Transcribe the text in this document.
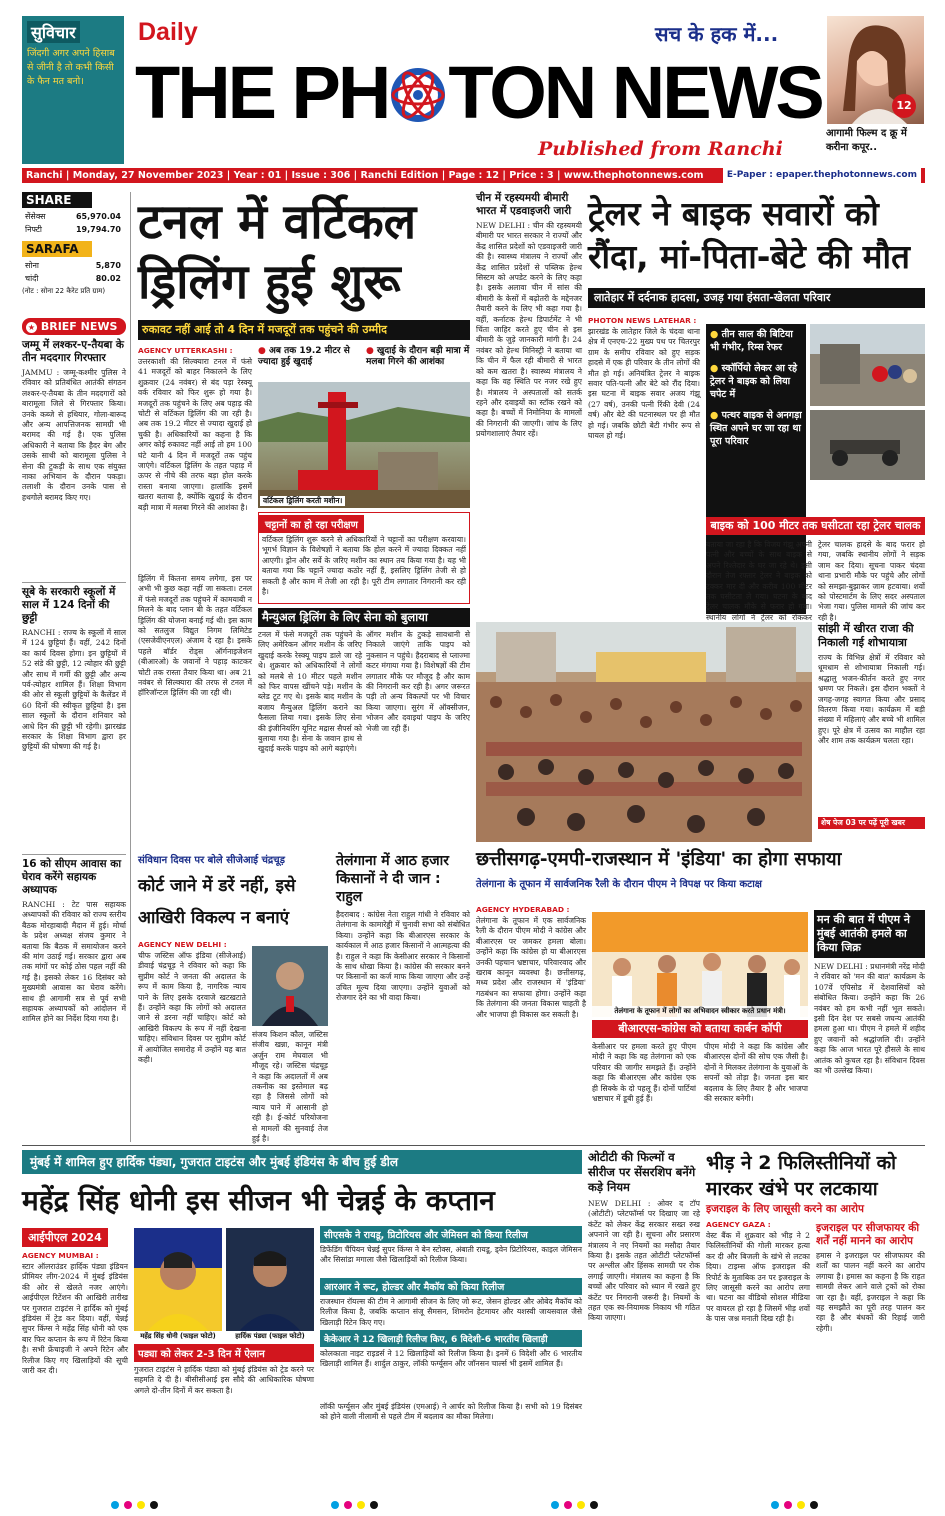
सुविचार
जिंदगी अगर अपने हिसाब से जीनी है तो कभी किसी के फैन मत बनो।
Daily	सच के हक में...
THE PH TON NEWS
Published from Ranchi
12
आगामी फिल्म द क्रू में करीना कपूर..
Ranchi | Monday, 27 November 2023 | Year : 01 | Issue : 306 | Ranchi Edition | Page : 12 | Price : 3 | www.thephotonnews.com	E-Paper : epaper.thephotonnews.com
SHARE
सेंसेक्स	65,970.04
निफ्टी	19,794.70
SARAFA
सोना	5,870
चांदी	80.02
(नोट : सोना 22 कैरेट प्रति ग्राम)
★ BRIEF NEWS
जम्मू में लश्कर-ए-तैयबा के तीन मददगार गिरफ्तार
JAMMU : जम्मू-कश्मीर पुलिस ने रविवार को प्रतिबंधित आतंकी संगठन लश्कर-ए-तैयबा के तीन मददगारों को बारामूला जिले से गिरफ्तार किया। उनके कब्जे से हथियार, गोला-बारूद और अन्य आपत्तिजनक सामग्री भी बरामद की गई है। एक पुलिस अधिकारी ने बताया कि हैदर बेग और उसके साथी को बारामूला पुलिस ने सेना की टुकड़ी के साथ एक संयुक्त नाका अभियान के दौरान पकड़ा। तलाशी के दौरान उनके पास से हथगोले बरामद किए गए।
सूबे के सरकारी स्कूलों में साल में 124 दिनों की छुट्टी
RANCHI : राज्य के स्कूलों में साल में 124 छुट्टियां हैं। वहीं, 242 दिनों का कार्य दिवस होगा। इन छुट्टियों में 52 संडे की छुट्टी, 12 त्योहार की छुट्टी और साथ में गर्मी की छुट्टी और अन्य पर्व-त्योहार शामिल हैं। शिक्षा विभाग की ओर से स्कूली छुट्टियों के कैलेंडर में 60 दिनों की स्वीकृत छुट्टियां है। इस साल स्कूलों के दौरान शनिवार को आधे दिन की छुट्टी भी रहेगी। झारखंड सरकार के शिक्षा विभाग द्वारा हर छुट्टियों की घोषणा की गई है।
16 को सीएम आवास का घेराव करेंगे सहायक अध्यापक
RANCHI : टेट पास सहायक अध्यापकों की रविवार को राज्य स्तरीय बैठक मोरहाबादी मैदान में हुई। मोर्चा के प्रदेश अध्यक्ष संजय कुमार ने बताया कि बैठक में समायोजन करने की मांग उठाई गई। सरकार द्वारा अब तक मांगों पर कोई ठोस पहल नहीं की गई है। इसको लेकर 16 दिसंबर को मुख्यमंत्री आवास का घेराव करेंगे। साथ ही आगामी सत्र से पूर्व सभी सहायक अध्यापकों को आंदोलन में शामिल होने का निर्देश दिया गया है।
टनल में वर्टिकल
ड्रिलिंग हुई शुरू
रुकावट नहीं आई तो 4 दिन में मजदूरों तक पहुंचने की उम्मीद
AGENCY UTTERKASHI :
उत्तरकाशी की सिल्क्यारा टनल में फंसे 41 मजदूरों को बाहर निकालने के लिए शुक्रवार (24 नवंबर) से बंद पड़ा रेस्क्यू वर्क रविवार को फिर शुरू हो गया है। मजदूरों तक पहुंचने के लिए अब पहाड़ की चोटी से वर्टिकल ड्रिलिंग की जा रही है। अब तक 19.2 मीटर से ज्यादा खुदाई हो चुकी है। अधिकारियों का कहना है कि अगर कोई रुकावट नहीं आई तो हम 100 घंटे यानी 4 दिन में मजदूरों तक पहुंच जाएंगे। वर्टिकल ड्रिलिंग के तहत पहाड़ में ऊपर से नीचे की तरफ बड़ा होल करके रास्ता बनाया जाएगा। हालांकि इसमें खतरा बताया है, क्योंकि खुदाई के दौरान बड़ी मात्रा में मलबा गिरने की आशंका है।
ड्रिलिंग में कितना समय लगेगा, इस पर अभी भी कुछ कहा नहीं जा सकता। टनल में फंसे मजदूरों तक पहुंचने में कामयाबी न मिलने के बाद प्लान बी के तहत वर्टिकल ड्रिलिंग की योजना बनाई गई थी। इस काम को सतलुज विद्युत निगम लिमिटेड (एसजेवीएनएल) अंजाम दे रहा है। इसके पहले बॉर्डर रोड्स ऑर्गनाइजेशन (बीआरओ) के जवानों ने पहाड़ काटकर चोटी तक रास्ता तैयार किया था। अब 21 नवंबर से सिल्क्यारा की तरफ से टनल में हॉरिजॉन्टल ड्रिलिंग की जा रही थी।
● अब तक 19.2 मीटर से ज्यादा हुई खुदाई
● खुदाई के दौरान बड़ी मात्रा में मलबा गिरने की आशंका
वर्टिकल ड्रिलिंग करती मशीन।
चट्टानों का हो रहा परीक्षण
वर्टिकल ड्रिलिंग शुरू करने से अधिकारियों ने चट्टानों का परीक्षण करवाया। भूगर्भ विज्ञान के विशेषज्ञों ने बताया कि होल करने में ज्यादा दिक्कत नहीं आएगी। ड्रोन और सर्वे के जरिए मशीन का स्थान तय किया गया है। यह भी बताया गया कि चट्टानें ज्यादा कठोर नहीं हैं, इसलिए ड्रिलिंग तेजी से हो सकती है और काम में तेजी आ रही है। पूरी टीम लगातार निगरानी कर रही है।
मैन्युअल ड्रिलिंग के लिए सेना को बुलाया
टनल में फंसे मजदूरों तक पहुंचने के लिए अमेरिकन ऑगर मशीन के जरिए खुदाई करके रेस्क्यू पाइप डाले जा रहे थे। शुक्रवार को अधिकारियों ने लोगों को मलबे से 10 मीटर पहले मशीन को फिर वापस खींचने पड़े। मशीन के ब्लेड टूट गए थे। इसके बाद मशीन के बजाय मैन्युअल ड्रिलिंग कराने का फैसला लिया गया। इसके लिए सेना की इंजीनियरिंग यूनिट मद्रास सैपर्स को बुलाया गया है। सेना के जवान हाथ से खुदाई करके पाइप को आगे बढ़ाएंगे।
ऑगर मशीन के टुकड़े सावधानी से निकाले जाएंगे ताकि पाइप को नुकसान न पहुंचे। हैदराबाद से प्लाज्मा कटर मंगाया गया है। विशेषज्ञों की टीम लगातार मौके पर मौजूद है और काम की निगरानी कर रही है। अगर जरूरत पड़ी तो अन्य विकल्पों पर भी विचार किया जाएगा। सुरंग में ऑक्सीजन, भोजन और दवाइयां पाइप के जरिए भेजी जा रही हैं।
चीन में रहस्यमयी बीमारी भारत में एडवाइजरी जारी
NEW DELHI : चीन की रहस्यमयी बीमारी पर भारत सरकार ने राज्यों और केंद्र शासित प्रदेशों को एडवाइजरी जारी की है। स्वास्थ्य मंत्रालय ने राज्यों और केंद्र शासित प्रदेशों से पब्लिक हेल्थ सिस्टम को अपडेट करने के लिए कहा है। इसके अलावा चीन में सांस की बीमारी के केसों में बढ़ोतरी के मद्देनजर तैयारी करने के लिए भी कहा गया है। वहीं, कर्नाटक हेल्थ डिपार्टमेंट ने भी चिंता जाहिर करते हुए चीन से इस बीमारी के जुड़े जानकारी मांगी है। 24 नवंबर को हेल्थ मिनिस्ट्री ने बताया था कि चीन में फैल रही बीमारी से भारत को कम खतरा है। स्वास्थ्य मंत्रालय ने कहा कि वह स्थिति पर नजर रखे हुए है। मंत्रालय ने अस्पतालों को सतर्क रहने और दवाइयों का स्टॉक रखने को कहा है। बच्चों में निमोनिया के मामलों की निगरानी की जाएगी। जांच के लिए प्रयोगशालाएं तैयार रहें।
ट्रेलर ने बाइक सवारों को
रौंदा, मां-पिता-बेटे की मौत
लातेहार में दर्दनाक हादसा, उजड़ गया हंसता-खेलता परिवार
PHOTON NEWS LATEHAR :
झारखंड के लातेहार जिले के चंदवा थाना क्षेत्र में एनएच-22 मुख्य पथ पर चितरपुर ग्राम के समीप रविवार को हुए सड़क हादसे में एक ही परिवार के तीन लोगों की मौत हो गई। अनियंत्रित ट्रेलर ने बाइक सवार पति-पत्नी और बेटे को रौंद दिया। इस घटना में बाइक सवार अजय गंझू (27 वर्ष), उनकी पत्नी रिंकी देवी (24 वर्ष) और बेटे की घटनास्थल पर ही मौत हो गई। जबकि छोटी बेटी गंभीर रूप से घायल हो गई।
● तीन साल की बिटिया भी गंभीर, रिम्स रेफर
● स्कॉर्पियो लेकर आ रहे ट्रेलर ने बाइक को लिया चपेट में
● पत्थर बाइक से अनगड़ा स्थित अपने घर जा रहा था पूरा परिवार
बाइक को 100 मीटर तक घसीटता रहा ट्रेलर चालक
बताया जा रहा है कि विजय गंझू अपनी पत्नी और बच्चों के साथ बाइक से अपने रिश्तेदार के घर जा रहे थे। इसी दौरान तेज रफ्तार ट्रेलर ने बाइक को टक्कर मार दी और करीब 100 मीटर तक घसीटता ले गया। घटना के बाद ट्रेलर चालक मौके से फरार हो गया। स्थानीय लोगों ने ट्रेलर को रोककर
ट्रेलर चालक हादसे के बाद फरार हो गया, जबकि स्थानीय लोगों ने सड़क जाम कर दिया। सूचना पाकर चंदवा थाना प्रभारी मौके पर पहुंचे और लोगों को समझा-बुझाकर जाम हटवाया। शवों को पोस्टमार्टम के लिए सदर अस्पताल भेजा गया। पुलिस मामले की जांच कर रही है।
सांझी में खीरत राजा की निकाली गई शोभायात्रा
राज्य के विभिन्न क्षेत्रों में रविवार को धूमधाम से शोभायात्रा निकाली गई। श्रद्धालु भजन-कीर्तन करते हुए नगर भ्रमण पर निकले। इस दौरान भक्तों ने जगह-जगह स्वागत किया और प्रसाद वितरण किया गया। कार्यक्रम में बड़ी संख्या में महिलाएं और बच्चे भी शामिल हुए। पूरे क्षेत्र में उत्सव का माहौल रहा और शाम तक कार्यक्रम चलता रहा।
शेष पेज 03 पर पढ़ें पूरी खबर
छत्तीसगढ़-एमपी-राजस्थान में 'इंडिया' का होगा सफाया
तेलंगाना के तूफान में सार्वजनिक रैली के दौरान पीएम ने विपक्ष पर किया कटाक्ष
AGENCY HYDERABAD :
तेलंगाना के तूफान में एक सार्वजनिक रैली के दौरान पीएम मोदी ने कांग्रेस और बीआरएस पर जमकर हमला बोला। उन्होंने कहा कि कांग्रेस हो या बीआरएस उनकी पहचान भ्रष्टाचार, परिवारवाद और खराब कानून व्यवस्था है। छत्तीसगढ़, मध्य प्रदेश और राजस्थान में 'इंडिया' गठबंधन का सफाया होगा। उन्होंने कहा कि तेलंगाना की जनता विकास चाहती है और भाजपा ही विकास कर सकती है।	तेलंगाना के तूफान में लोगों का अभिवादन स्वीकार करते प्रधान मंत्री।
बीआरएस-कांग्रेस को बताया कार्बन कॉपी
केसीआर पर हमला करते हुए पीएम मोदी ने कहा कि वह तेलंगाना को एक परिवार की जागीर समझते हैं। उन्होंने कहा कि बीआरएस और कांग्रेस एक ही सिक्के के दो पहलू हैं। दोनों पार्टियां भ्रष्टाचार में डूबी हुई हैं।
पीएम मोदी ने कहा कि कांग्रेस और बीआरएस दोनों की सोच एक जैसी है। दोनों ने मिलकर तेलंगाना के युवाओं के सपनों को तोड़ा है। जनता इस बार बदलाव के लिए तैयार है और भाजपा की सरकार बनेगी।
मन की बात में पीएम ने मुंबई आतंकी हमले का किया जिक्र
NEW DELHI : प्रधानमंत्री नरेंद्र मोदी ने रविवार को 'मन की बात' कार्यक्रम के 107वें एपिसोड में देशवासियों को संबोधित किया। उन्होंने कहा कि 26 नवंबर को हम कभी नहीं भूल सकते। इसी दिन देश पर सबसे जघन्य आतंकी हमला हुआ था। पीएम ने हमले में शहीद हुए जवानों को श्रद्धांजलि दी। उन्होंने कहा कि आज भारत पूरे हौसले के साथ आतंक को कुचल रहा है। संविधान दिवस का भी उल्लेख किया।
संविधान दिवस पर बोले सीजेआई चंद्रचूड़
कोर्ट जाने में डरें नहीं, इसे
आखिरी विकल्प न बनाएं
AGENCY NEW DELHI :
चीफ जस्टिस ऑफ इंडिया (सीजेआई) डीवाई चंद्रचूड़ ने रविवार को कहा कि सुप्रीम कोर्ट ने जनता की अदालत के रूप में काम किया है, नागरिक न्याय पाने के लिए इसके दरवाजे खटखटाते हैं। उन्होंने कहा कि लोगों को अदालत जाने से डरना नहीं चाहिए। कोर्ट को आखिरी विकल्प के रूप में नहीं देखना चाहिए। संविधान दिवस पर सुप्रीम कोर्ट में आयोजित समारोह में उन्होंने यह बात कही।
संजय किशन कौल, जस्टिस संजीव खन्ना, कानून मंत्री अर्जुन राम मेघवाल भी मौजूद रहे। जस्टिस चंद्रचूड़ ने कहा कि अदालतों में अब तकनीक का इस्तेमाल बढ़ रहा है जिससे लोगों को न्याय पाने में आसानी हो रही है। ई-कोर्ट परियोजना से मामलों की सुनवाई तेज हुई है।
तेलंगाना में आठ हजार किसानों ने दी जान : राहुल
हैदराबाद : कांग्रेस नेता राहुल गांधी ने रविवार को तेलंगाना के कामारेड्डी में चुनावी सभा को संबोधित किया। उन्होंने कहा कि बीआरएस सरकार के कार्यकाल में आठ हजार किसानों ने आत्महत्या की है। राहुल ने कहा कि केसीआर सरकार ने किसानों के साथ धोखा किया है। कांग्रेस की सरकार बनने पर किसानों का कर्ज माफ किया जाएगा और उन्हें उचित मूल्य दिया जाएगा। उन्होंने युवाओं को रोजगार देने का भी वादा किया।
मुंबई में शामिल हुए हार्दिक पंड्या, गुजरात टाइटंस और मुंबई इंडियंस के बीच हुई डील
महेंद्र सिंह धोनी इस सीजन भी चेन्नई के कप्तान
आईपीएल 2024
AGENCY MUMBAI :
स्टार ऑलराउंडर हार्दिक पंड्या इंडियन प्रीमियर लीग-2024 में मुंबई इंडियंस की ओर से खेलते नजर आएंगे। आईपीएल रिटेंशन की आखिरी तारीख पर गुजरात टाइटंस ने हार्दिक को मुंबई इंडियंस में ट्रेड कर दिया। वहीं, चेन्नई सुपर किंग्स ने महेंद्र सिंह धोनी को एक बार फिर कप्तान के रूप में रिटेन किया है। सभी फ्रेंचाइजी ने अपने रिटेन और रिलीज किए गए खिलाड़ियों की सूची जारी कर दी।
महेंद्र सिंह धोनी (फाइल फोटो)	हार्दिक पंड्या (फाइल फोटो)
सीएसके ने रायडू, प्रिटोरियस और जेमिसन को किया रिलीज
डिफेंडिंग चैंपियन चेन्नई सुपर किंग्स ने बेन स्टोक्स, अंबाती रायडू, ड्वेन प्रिटोरियस, काइल जेमिसन और सिसांडा मगाला जैसे खिलाड़ियों को रिलीज किया।
आरआर ने रूट, होल्डर और मैकॉय को किया रिलीज
राजस्थान रॉयल्स की टीम ने आगामी सीजन के लिए जो रूट, जेसन होल्डर और ओबेद मैकॉय को रिलीज किया है, जबकि कप्तान संजू सैमसन, शिमरोन हेटमायर और यशस्वी जायसवाल जैसे खिलाड़ी रिटेन किए गए।
केकेआर ने 12 खिलाड़ी रिलीज किए, 6 विदेशी-6 भारतीय खिलाड़ी
कोलकाता नाइट राइडर्स ने 12 खिलाड़ियों को रिलीज किया है। इनमें 6 विदेशी और 6 भारतीय खिलाड़ी शामिल हैं। शार्दुल ठाकुर, लॉकी फर्ग्यूसन और जॉनसन चार्ल्स भी इसमें शामिल हैं।
लॉकी फर्ग्यूसन और मुंबई इंडियंस (एमआई) ने आर्चर को रिलीज किया है। सभी को 19 दिसंबर को होने वाली नीलामी से पहले टीम में बदलाव का मौका मिलेगा।
पड्या को लेकर 2-3 दिन में ऐलान
गुजरात टाइटंस ने हार्दिक पंड्या को मुंबई इंडियंस को ट्रेड करने पर सहमति दे दी है। बीसीसीआई इस सौदे की आधिकारिक घोषणा अगले दो-तीन दिनों में कर सकता है।
ओटीटी की फिल्मों व सीरीज पर सेंसरशिप बनेंगे कड़े नियम
NEW DELHI : ओवर द टॉप (ओटीटी) प्लेटफॉर्म्स पर दिखाए जा रहे कंटेंट को लेकर केंद्र सरकार सख्त रुख अपनाने जा रही है। सूचना और प्रसारण मंत्रालय ने नए नियमों का मसौदा तैयार किया है। इसके तहत ओटीटी प्लेटफॉर्म्स पर अश्लील और हिंसक सामग्री पर रोक लगाई जाएगी। मंत्रालय का कहना है कि बच्चों और परिवार को ध्यान में रखते हुए कंटेंट पर निगरानी जरूरी है। नियमों के तहत एक स्व-नियामक निकाय भी गठित किया जाएगा।
भीड़ ने 2 फिलिस्तीनियों को
मारकर खंभे पर लटकाया
इजराइल के लिए जासूसी करने का आरोप
AGENCY GAZA :
वेस्ट बैंक में शुक्रवार को भीड़ ने 2 फिलिस्तीनियों की गोली मारकर हत्या कर दी और बिजली के खंभे से लटका दिया। टाइम्स ऑफ इजराइल की रिपोर्ट के मुताबिक उन पर इजराइल के लिए जासूसी करने का आरोप लगा था। घटना का वीडियो सोशल मीडिया पर वायरल हो रहा है जिसमें भीड़ शवों के पास जश्न मनाती दिख रही है।
इजराइल पर सीजफायर की शर्तें नहीं मानने का आरोप
हमास ने इजराइल पर सीजफायर की शर्तों का पालन नहीं करने का आरोप लगाया है। हमास का कहना है कि राहत सामग्री लेकर आने वाले ट्रकों को रोका जा रहा है। वहीं, इजराइल ने कहा कि वह समझौते का पूरी तरह पालन कर रहा है और बंधकों की रिहाई जारी रहेगी।
